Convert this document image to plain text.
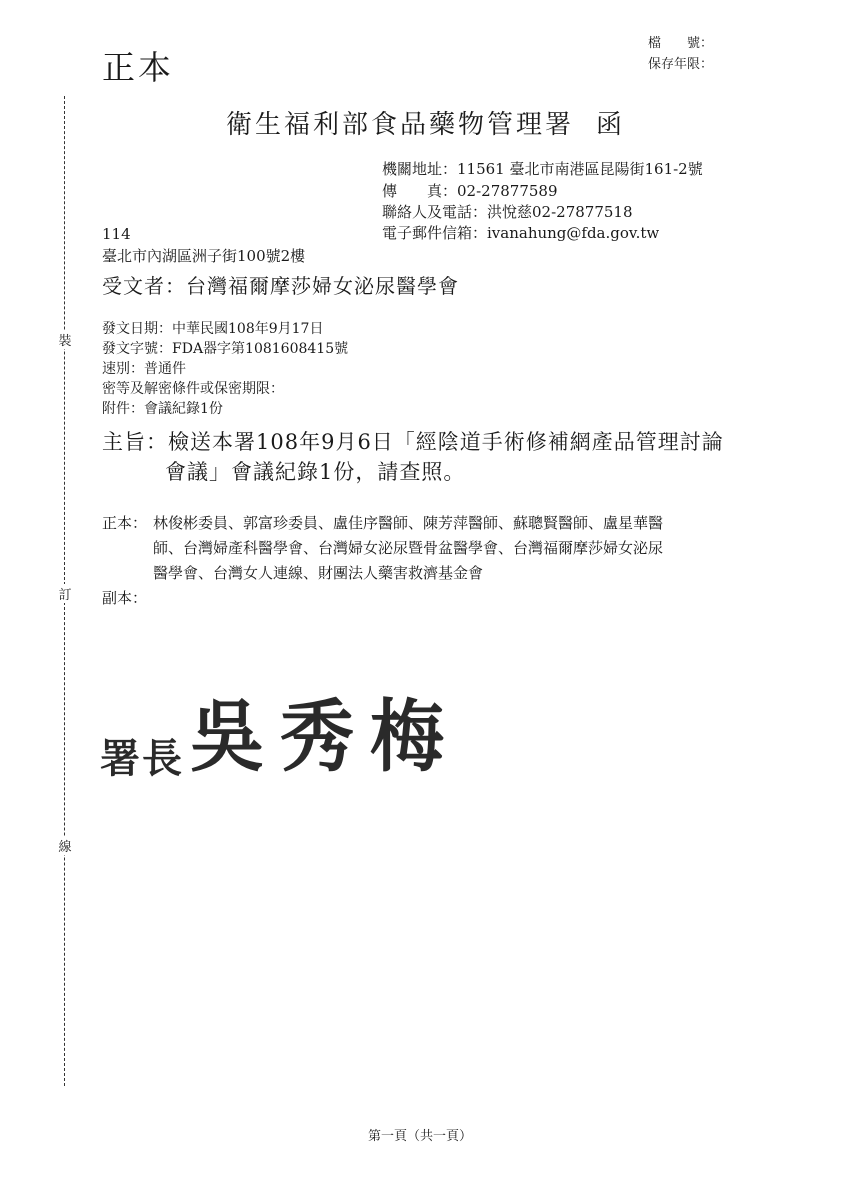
裝
訂
線
正本
檔　　號：
保存年限：
衛生福利部食品藥物管理署 函
機關地址：11561 臺北市南港區昆陽街161-2號
傳　　真：02-27877589
聯絡人及電話：洪悅慈02-27877518
電子郵件信箱：ivanahung@fda.gov.tw
114
臺北市內湖區洲子街100號2樓
受文者：台灣福爾摩莎婦女泌尿醫學會
發文日期：中華民國108年9月17日
發文字號：FDA器字第1081608415號
速別：普通件
密等及解密條件或保密期限：
附件：會議紀錄1份
主旨：檢送本署108年9月6日「經陰道手術修補網產品管理討論
會議」會議紀錄1份，請查照。
正本： 林俊彬委員、郭富珍委員、盧佳序醫師、陳芳萍醫師、蘇聰賢醫師、盧星華醫
師、台灣婦產科醫學會、台灣婦女泌尿暨骨盆醫學會、台灣福爾摩莎婦女泌尿
醫學會、台灣女人連線、財團法人藥害救濟基金會
副本：
署長吳秀梅
第一頁（共一頁）
